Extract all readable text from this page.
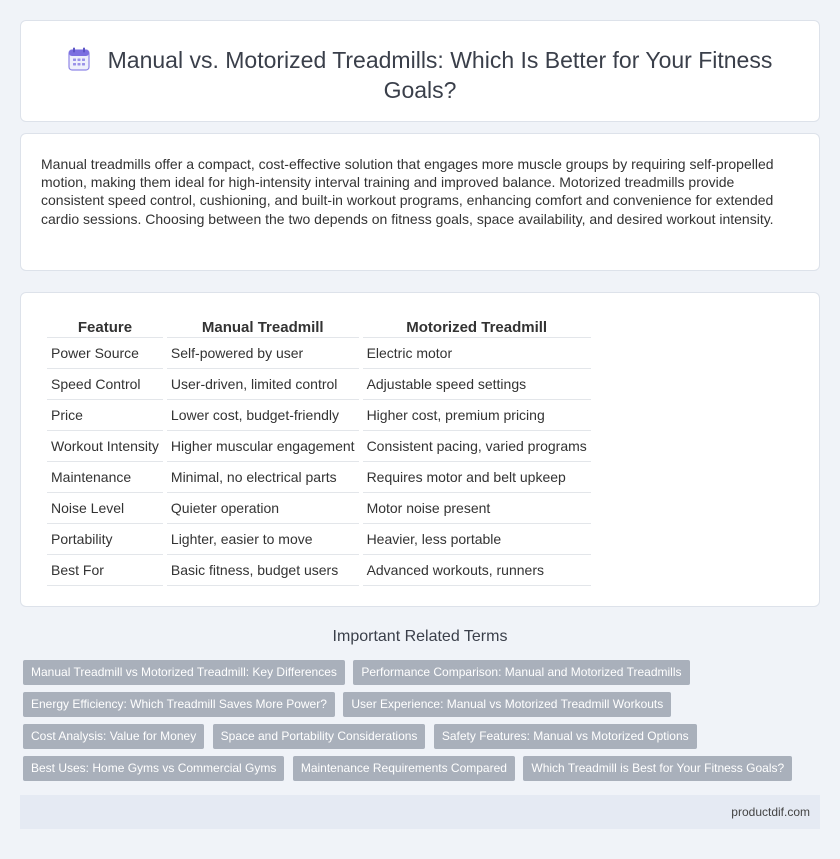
Manual vs. Motorized Treadmills: Which Is Better for Your Fitness Goals?

Manual treadmills offer a compact, cost-effective solution that engages more muscle groups by requiring self-propelled motion, making them ideal for high-intensity interval training and improved balance. Motorized treadmills provide consistent speed control, cushioning, and built-in workout programs, enhancing comfort and convenience for extended cardio sessions. Choosing between the two depends on fitness goals, space availability, and desired workout intensity.

Feature	Manual Treadmill	Motorized Treadmill
Power Source	Self-powered by user	Electric motor
Speed Control	User-driven, limited control	Adjustable speed settings
Price	Lower cost, budget-friendly	Higher cost, premium pricing
Workout Intensity	Higher muscular engagement	Consistent pacing, varied programs
Maintenance	Minimal, no electrical parts	Requires motor and belt upkeep
Noise Level	Quieter operation	Motor noise present
Portability	Lighter, easier to move	Heavier, less portable
Best For	Basic fitness, budget users	Advanced workouts, runners
Important Related Terms
Manual Treadmill vs Motorized Treadmill: Key Differences Performance Comparison: Manual and Motorized Treadmills
Energy Efficiency: Which Treadmill Saves More Power? User Experience: Manual vs Motorized Treadmill Workouts
Cost Analysis: Value for Money Space and Portability Considerations Safety Features: Manual vs Motorized Options
Best Uses: Home Gyms vs Commercial Gyms Maintenance Requirements Compared Which Treadmill is Best for Your Fitness Goals?
productdif.com
